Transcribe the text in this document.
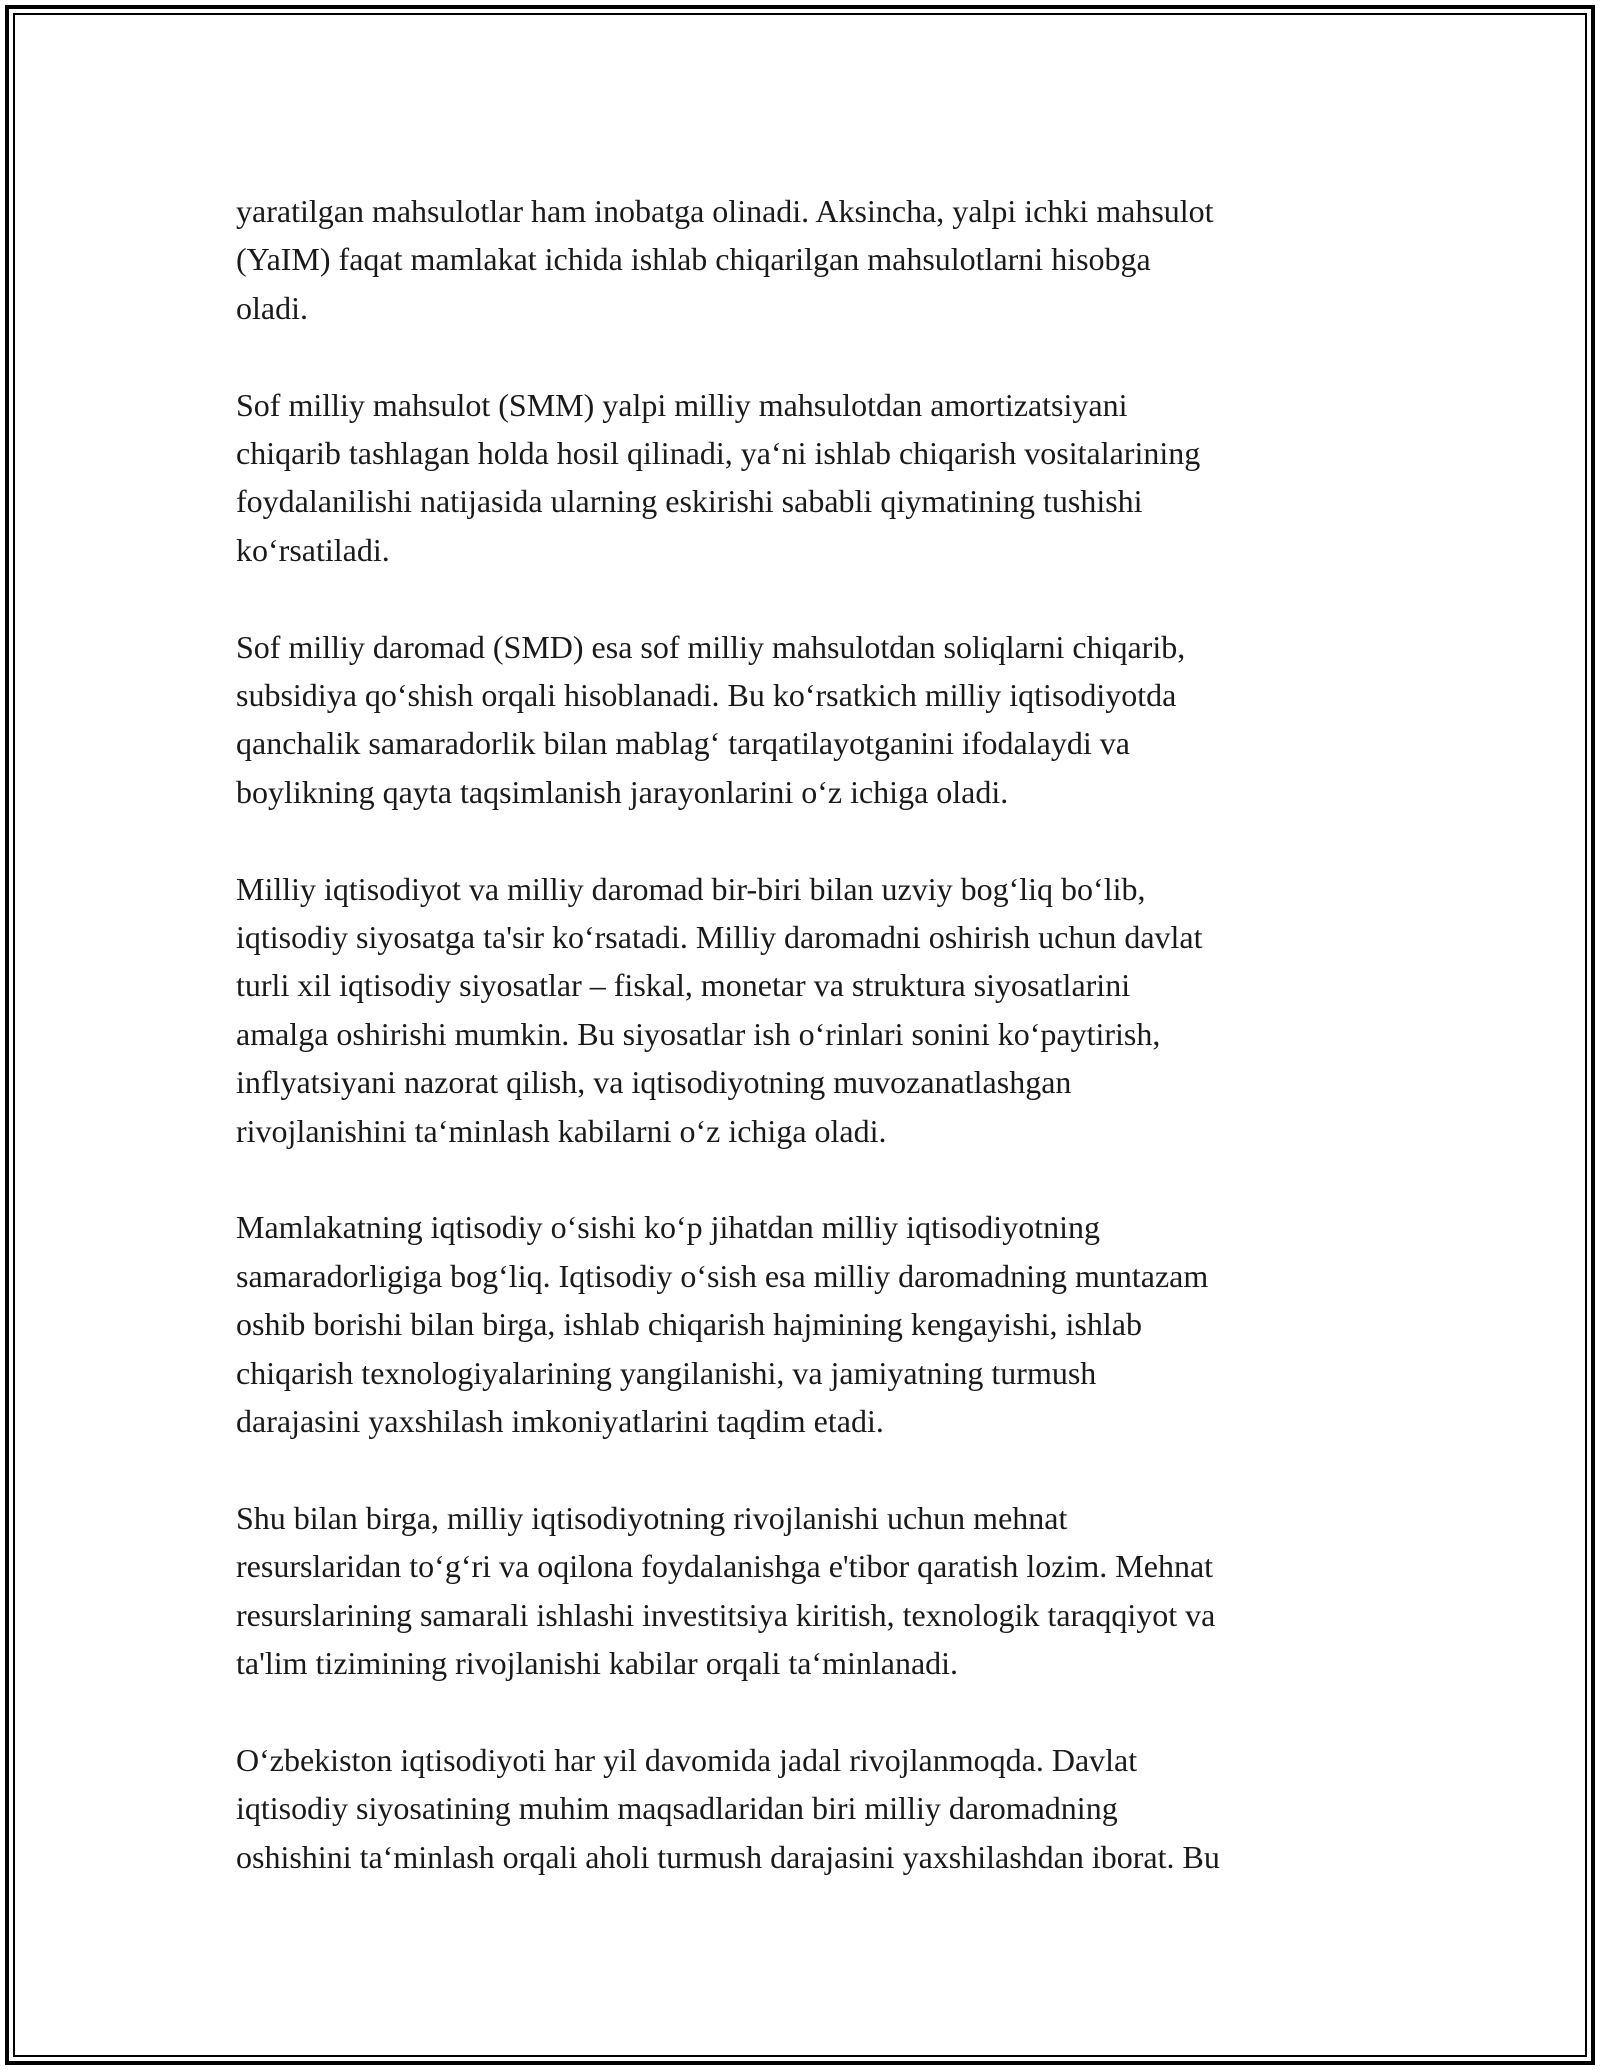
yaratilgan mahsulotlar ham inobatga olinadi. Aksincha, yalpi ichki mahsulot
(YaIM) faqat mamlakat ichida ishlab chiqarilgan mahsulotlarni hisobga
oladi.

Sof milliy mahsulot (SMM) yalpi milliy mahsulotdan amortizatsiyani
chiqarib tashlagan holda hosil qilinadi, yaʻni ishlab chiqarish vositalarining
foydalanilishi natijasida ularning eskirishi sababli qiymatining tushishi
koʻrsatiladi.

Sof milliy daromad (SMD) esa sof milliy mahsulotdan soliqlarni chiqarib,
subsidiya qoʻshish orqali hisoblanadi. Bu koʻrsatkich milliy iqtisodiyotda
qanchalik samaradorlik bilan mablagʻ tarqatilayotganini ifodalaydi va
boylikning qayta taqsimlanish jarayonlarini oʻz ichiga oladi.

Milliy iqtisodiyot va milliy daromad bir-biri bilan uzviy bogʻliq boʻlib,
iqtisodiy siyosatga ta'sir koʻrsatadi. Milliy daromadni oshirish uchun davlat
turli xil iqtisodiy siyosatlar – fiskal, monetar va struktura siyosatlarini
amalga oshirishi mumkin. Bu siyosatlar ish oʻrinlari sonini koʻpaytirish,
inflyatsiyani nazorat qilish, va iqtisodiyotning muvozanatlashgan
rivojlanishini taʻminlash kabilarni oʻz ichiga oladi.

Mamlakatning iqtisodiy oʻsishi koʻp jihatdan milliy iqtisodiyotning
samaradorligiga bogʻliq. Iqtisodiy oʻsish esa milliy daromadning muntazam
oshib borishi bilan birga, ishlab chiqarish hajmining kengayishi, ishlab
chiqarish texnologiyalarining yangilanishi, va jamiyatning turmush
darajasini yaxshilash imkoniyatlarini taqdim etadi.

Shu bilan birga, milliy iqtisodiyotning rivojlanishi uchun mehnat
resurslaridan toʻgʻri va oqilona foydalanishga e'tibor qaratish lozim. Mehnat
resurslarining samarali ishlashi investitsiya kiritish, texnologik taraqqiyot va
ta'lim tizimining rivojlanishi kabilar orqali taʻminlanadi.

Oʻzbekiston iqtisodiyoti har yil davomida jadal rivojlanmoqda. Davlat
iqtisodiy siyosatining muhim maqsadlaridan biri milliy daromadning
oshishini taʻminlash orqali aholi turmush darajasini yaxshilashdan iborat. Bu
